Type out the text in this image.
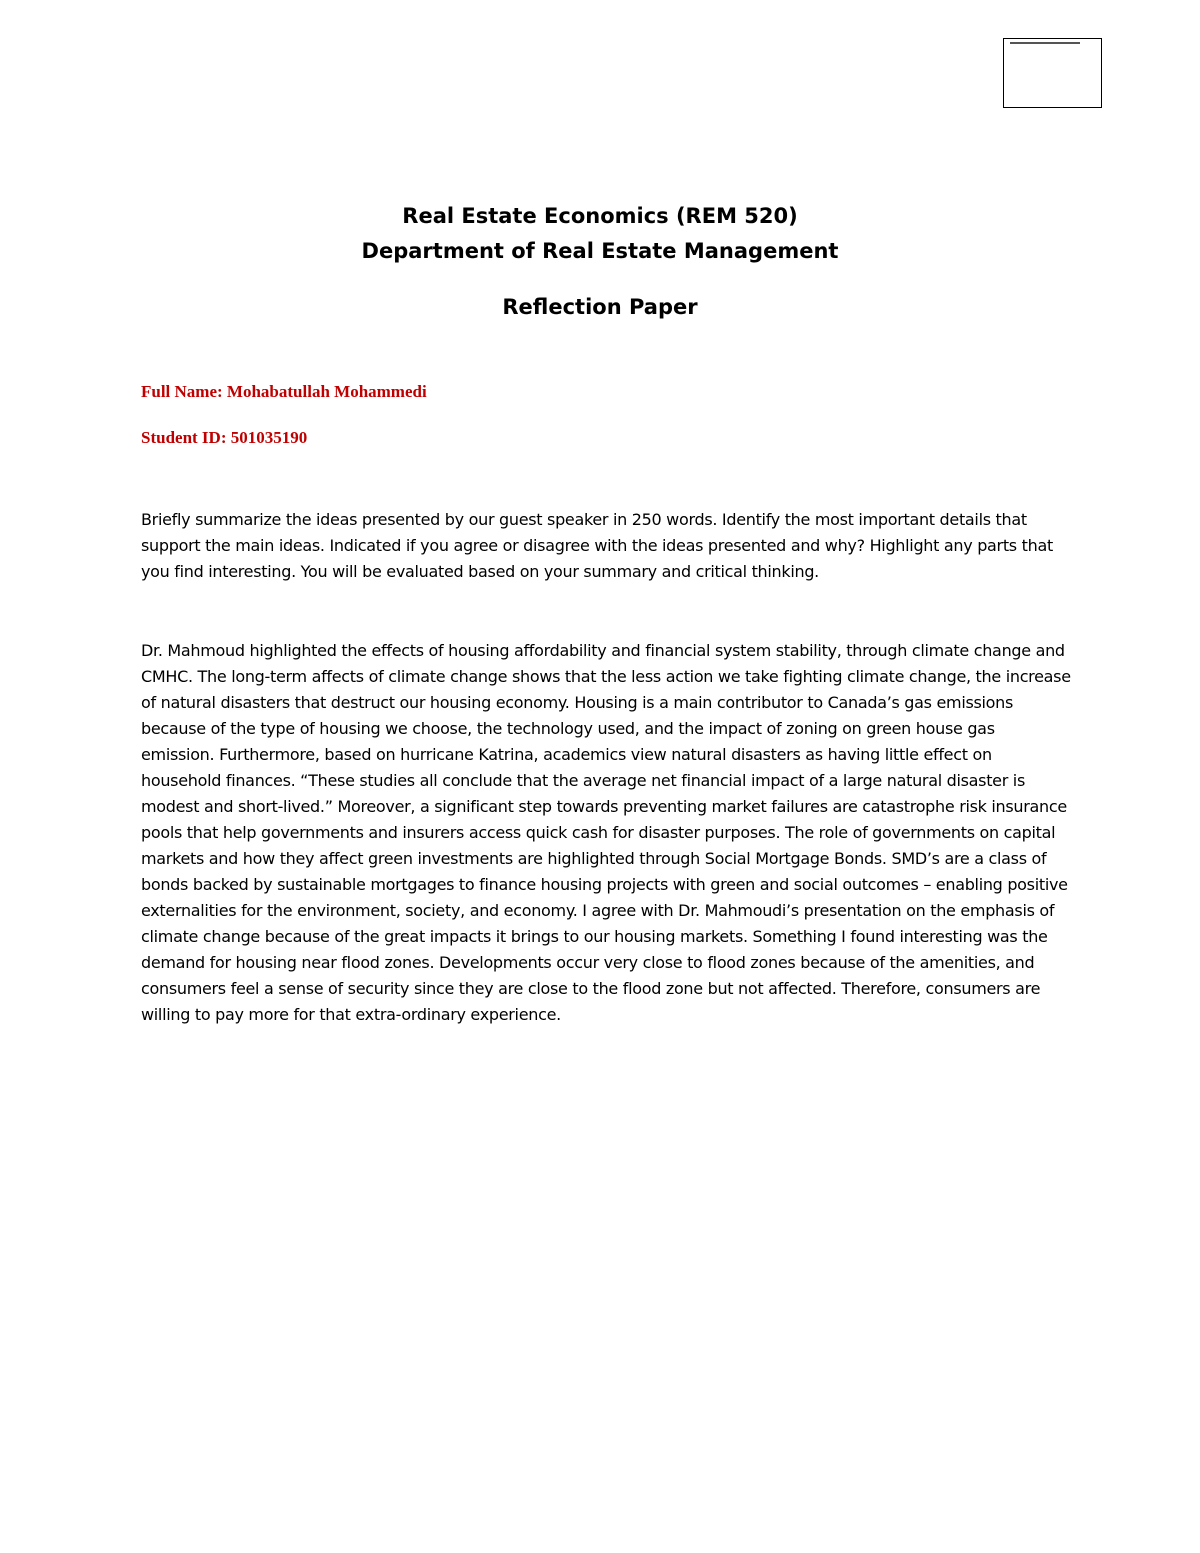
Real Estate Economics (REM 520)
Department of Real Estate Management
Reflection Paper
Full Name: Mohabatullah Mohammedi
Student ID: 501035190
Briefly summarize the ideas presented by our guest speaker in 250 words. Identify the most important details that support the main ideas. Indicated if you agree or disagree with the ideas presented and why? Highlight any parts that you find interesting. You will be evaluated based on your summary and critical thinking.
Dr. Mahmoud highlighted the effects of housing affordability and financial system stability, through climate change and CMHC. The long-term affects of climate change shows that the less action we take fighting climate change, the increase of natural disasters that destruct our housing economy. Housing is a main contributor to Canada’s gas emissions because of the type of housing we choose, the technology used, and the impact of zoning on green house gas emission. Furthermore, based on hurricane Katrina, academics view natural disasters as having little effect on household finances. “These studies all conclude that the average net financial impact of a large natural disaster is modest and short-lived.” Moreover, a significant step towards preventing market failures are catastrophe risk insurance pools that help governments and insurers access quick cash for disaster purposes. The role of governments on capital markets and how they affect green investments are highlighted through Social Mortgage Bonds. SMD’s are a class of bonds backed by sustainable mortgages to finance housing projects with green and social outcomes – enabling positive externalities for the environment, society, and economy. I agree with Dr. Mahmoudi’s presentation on the emphasis of climate change because of the great impacts it brings to our housing markets. Something I found interesting was the demand for housing near flood zones. Developments occur very close to flood zones because of the amenities, and consumers feel a sense of security since they are close to the flood zone but not affected. Therefore, consumers are willing to pay more for that extra-ordinary experience.
